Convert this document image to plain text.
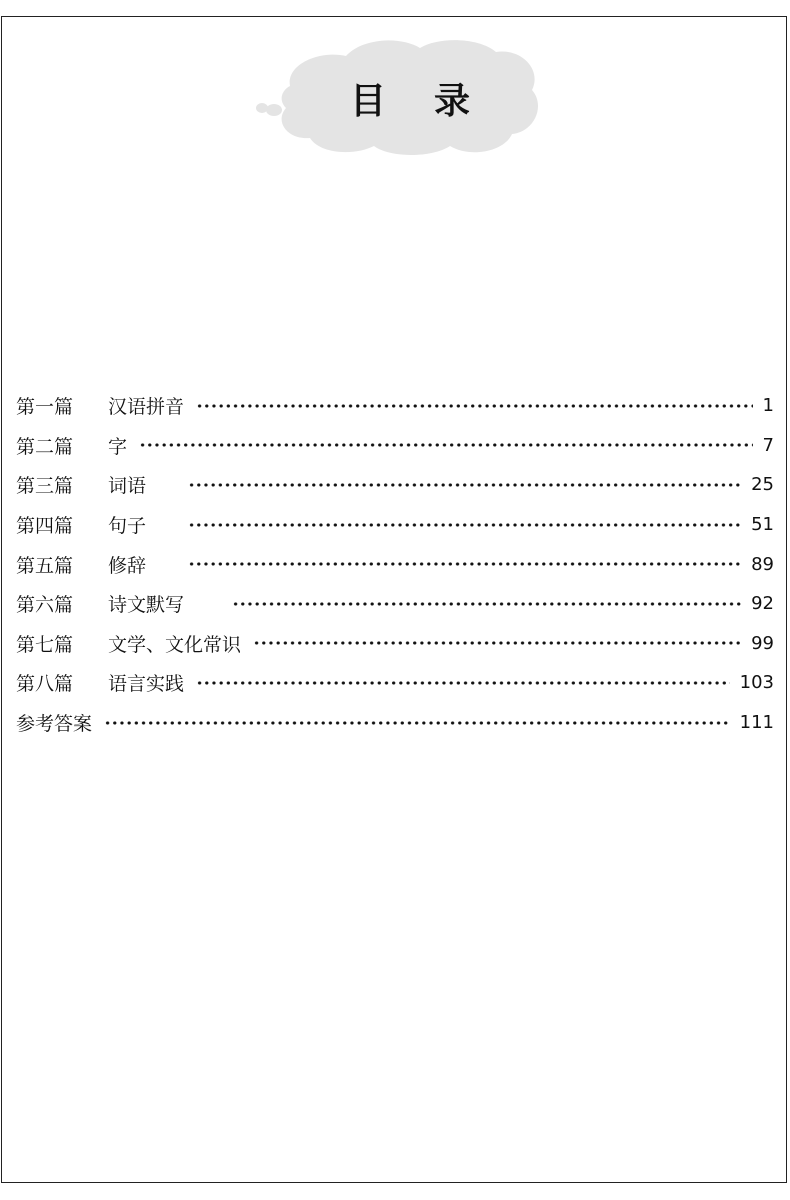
目 录
第一篇	汉语拼音	1
第二篇	字	7
第三篇	词语	25
第四篇	句子	51
第五篇	修辞	89
第六篇	诗文默写	92
第七篇	文学、文化常识	99
第八篇	语言实践	103
参考答案	111
